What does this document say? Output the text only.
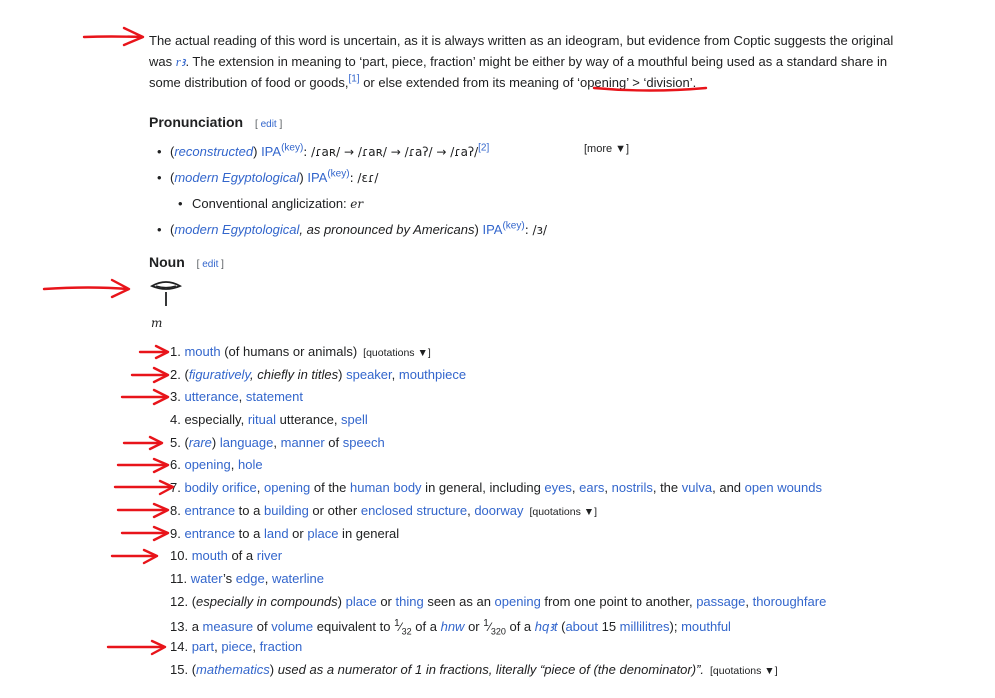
The actual reading of this word is uncertain, as it is always written as an ideogram, but evidence from Coptic suggests the original was rꜣ. The extension in meaning to ‘part, piece, fraction’ might be either by way of a mouthful being used as a standard share in some distribution of food or goods,[1] or else extended from its meaning of ‘opening’ > ‘division’.
Pronunciation [ edit ]
• (reconstructed) $IPA^{(key)}$: /ɾaʀ/ → /ɾaʀ/ → /ɾaʔ/ → /ɾaʔ/[2]
• (modern Egyptological) $IPA^{(key)}$: /ɛɾ/
• Conventional anglicization: er
• (modern Egyptological, as pronounced by Americans) $IPA^{(key)}$: /ɜ/
[more ▼]
Noun [ edit ]
m
1. mouth (of humans or animals) [quotations ▼]
2. (figuratively, chiefly in titles) speaker, mouthpiece
3. utterance, statement
4. especially, ritual utterance, spell
5. (rare) language, manner of speech
6. opening, hole
7. bodily orifice, opening of the human body in general, including eyes, ears, nostrils, the vulva, and open wounds
8. entrance to a building or other enclosed structure, doorway [quotations ▼]
9. entrance to a land or place in general
10. mouth of a river
11. water’s edge, waterline
12. (especially in compounds) place or thing seen as an opening from one point to another, passage, thoroughfare
13. a measure of volume equivalent to $^1⁄_{32}$ of a hnw or $^1⁄_{320}$ of a hqꜣt (about 15 millilitres); mouthful
14. part, piece, fraction
15. (mathematics) used as a numerator of 1 in fractions, literally “piece of (the denominator)”. [quotations ▼]
